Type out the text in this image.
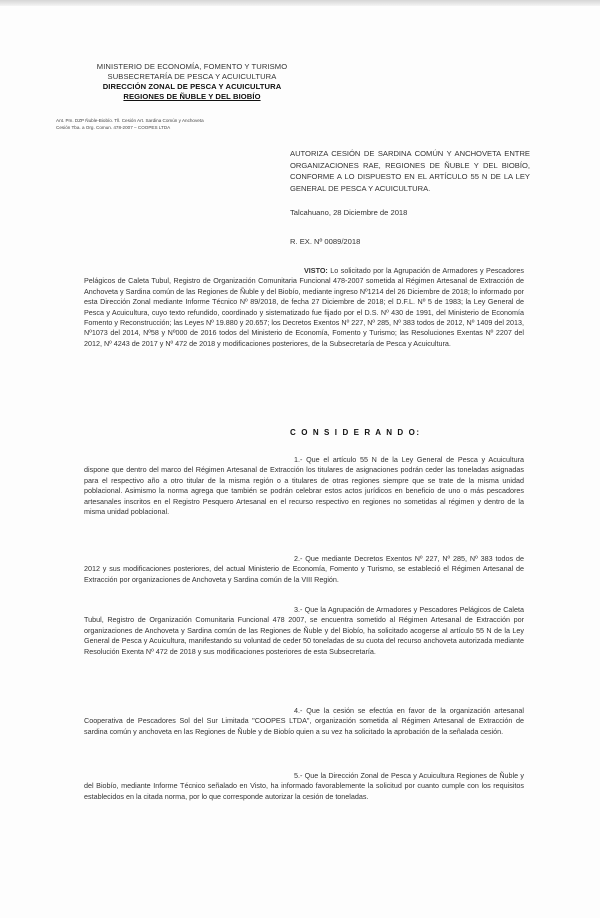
MINISTERIO DE ECONOMÍA, FOMENTO Y TURISMO
SUBSECRETARÍA DE PESCA Y ACUICULTURA
DIRECCIÓN ZONAL DE PESCA Y ACUICULTURA
REGIONES DE ÑUBLE Y DEL BIOBÍO
Ant. Pm. DZP Ñuble-Biobío. Tll. Cesión Art. Sardina Común y Anchoveta
Cesión Tba. a Org. Comun. 478-2007 – COOPES LTDA
AUTORIZA CESIÓN DE SARDINA COMÚN Y ANCHOVETA ENTRE ORGANIZACIONES RAE, REGIONES DE ÑUBLE Y DEL BIOBÍO, CONFORME A LO DISPUESTO EN EL ARTÍCULO 55 N DE LA LEY GENERAL DE PESCA Y ACUICULTURA.
Talcahuano, 28 Diciembre de 2018
R. EX. Nº 0089/2018
VISTO: Lo solicitado por la Agrupación de Armadores y Pescadores Pelágicos de Caleta Tubul, Registro de Organización Comunitaria Funcional 478-2007 sometida al Régimen Artesanal de Extracción de Anchoveta y Sardina común de las Regiones de Ñuble y del Biobío, mediante ingreso Nº1214 del 26 Diciembre de 2018; lo informado por esta Dirección Zonal mediante Informe Técnico Nº 89/2018, de fecha 27 Diciembre de 2018; el D.F.L. Nº 5 de 1983; la Ley General de Pesca y Acuicultura, cuyo texto refundido, coordinado y sistematizado fue fijado por el D.S. Nº 430 de 1991, del Ministerio de Economía Fomento y Reconstrucción; las Leyes Nº 19.880 y 20.657; los Decretos Exentos Nº 227, Nº 285, Nº 383 todos de 2012, Nº 1409 del 2013, Nº1073 del 2014, Nº58 y Nº000 de 2016 todos del Ministerio de Economía, Fomento y Turismo; las Resoluciones Exentas Nº 2207 del 2012, Nº 4243 de 2017 y Nº 472 de 2018 y modificaciones posteriores, de la Subsecretaría de Pesca y Acuicultura.
C O N S I D E R A N D O:
1.- Que el artículo 55 N de la Ley General de Pesca y Acuicultura dispone que dentro del marco del Régimen Artesanal de Extracción los titulares de asignaciones podrán ceder las toneladas asignadas para el respectivo año a otro titular de la misma región o a titulares de otras regiones siempre que se trate de la misma unidad poblacional. Asimismo la norma agrega que también se podrán celebrar estos actos jurídicos en beneficio de uno o más pescadores artesanales inscritos en el Registro Pesquero Artesanal en el recurso respectivo en regiones no sometidas al régimen y dentro de la misma unidad poblacional.
2.- Que mediante Decretos Exentos Nº 227, Nº 285, Nº 383 todos de 2012 y sus modificaciones posteriores, del actual Ministerio de Economía, Fomento y Turismo, se estableció el Régimen Artesanal de Extracción por organizaciones de Anchoveta y Sardina común de la VIII Región.
3.- Que la Agrupación de Armadores y Pescadores Pelágicos de Caleta Tubul, Registro de Organización Comunitaria Funcional 478 2007, se encuentra sometido al Régimen Artesanal de Extracción por organizaciones de Anchoveta y Sardina común de las Regiones de Ñuble y del Biobío, ha solicitado acogerse al artículo 55 N de la Ley General de Pesca y Acuicultura, manifestando su voluntad de ceder 50 toneladas de su cuota del recurso anchoveta autorizada mediante Resolución Exenta Nº 472 de 2018 y sus modificaciones posteriores de esta Subsecretaría.
4.- Que la cesión se efectúa en favor de la organización artesanal Cooperativa de Pescadores Sol del Sur Limitada "COOPES LTDA", organización sometida al Régimen Artesanal de Extracción de sardina común y anchoveta en las Regiones de Ñuble y de Biobío quien a su vez ha solicitado la aprobación de la señalada cesión.
5.- Que la Dirección Zonal de Pesca y Acuicultura Regiones de Ñuble y del Biobío, mediante Informe Técnico señalado en Visto, ha informado favorablemente la solicitud por cuanto cumple con los requisitos establecidos en la citada norma, por lo que corresponde autorizar la cesión de toneladas.
